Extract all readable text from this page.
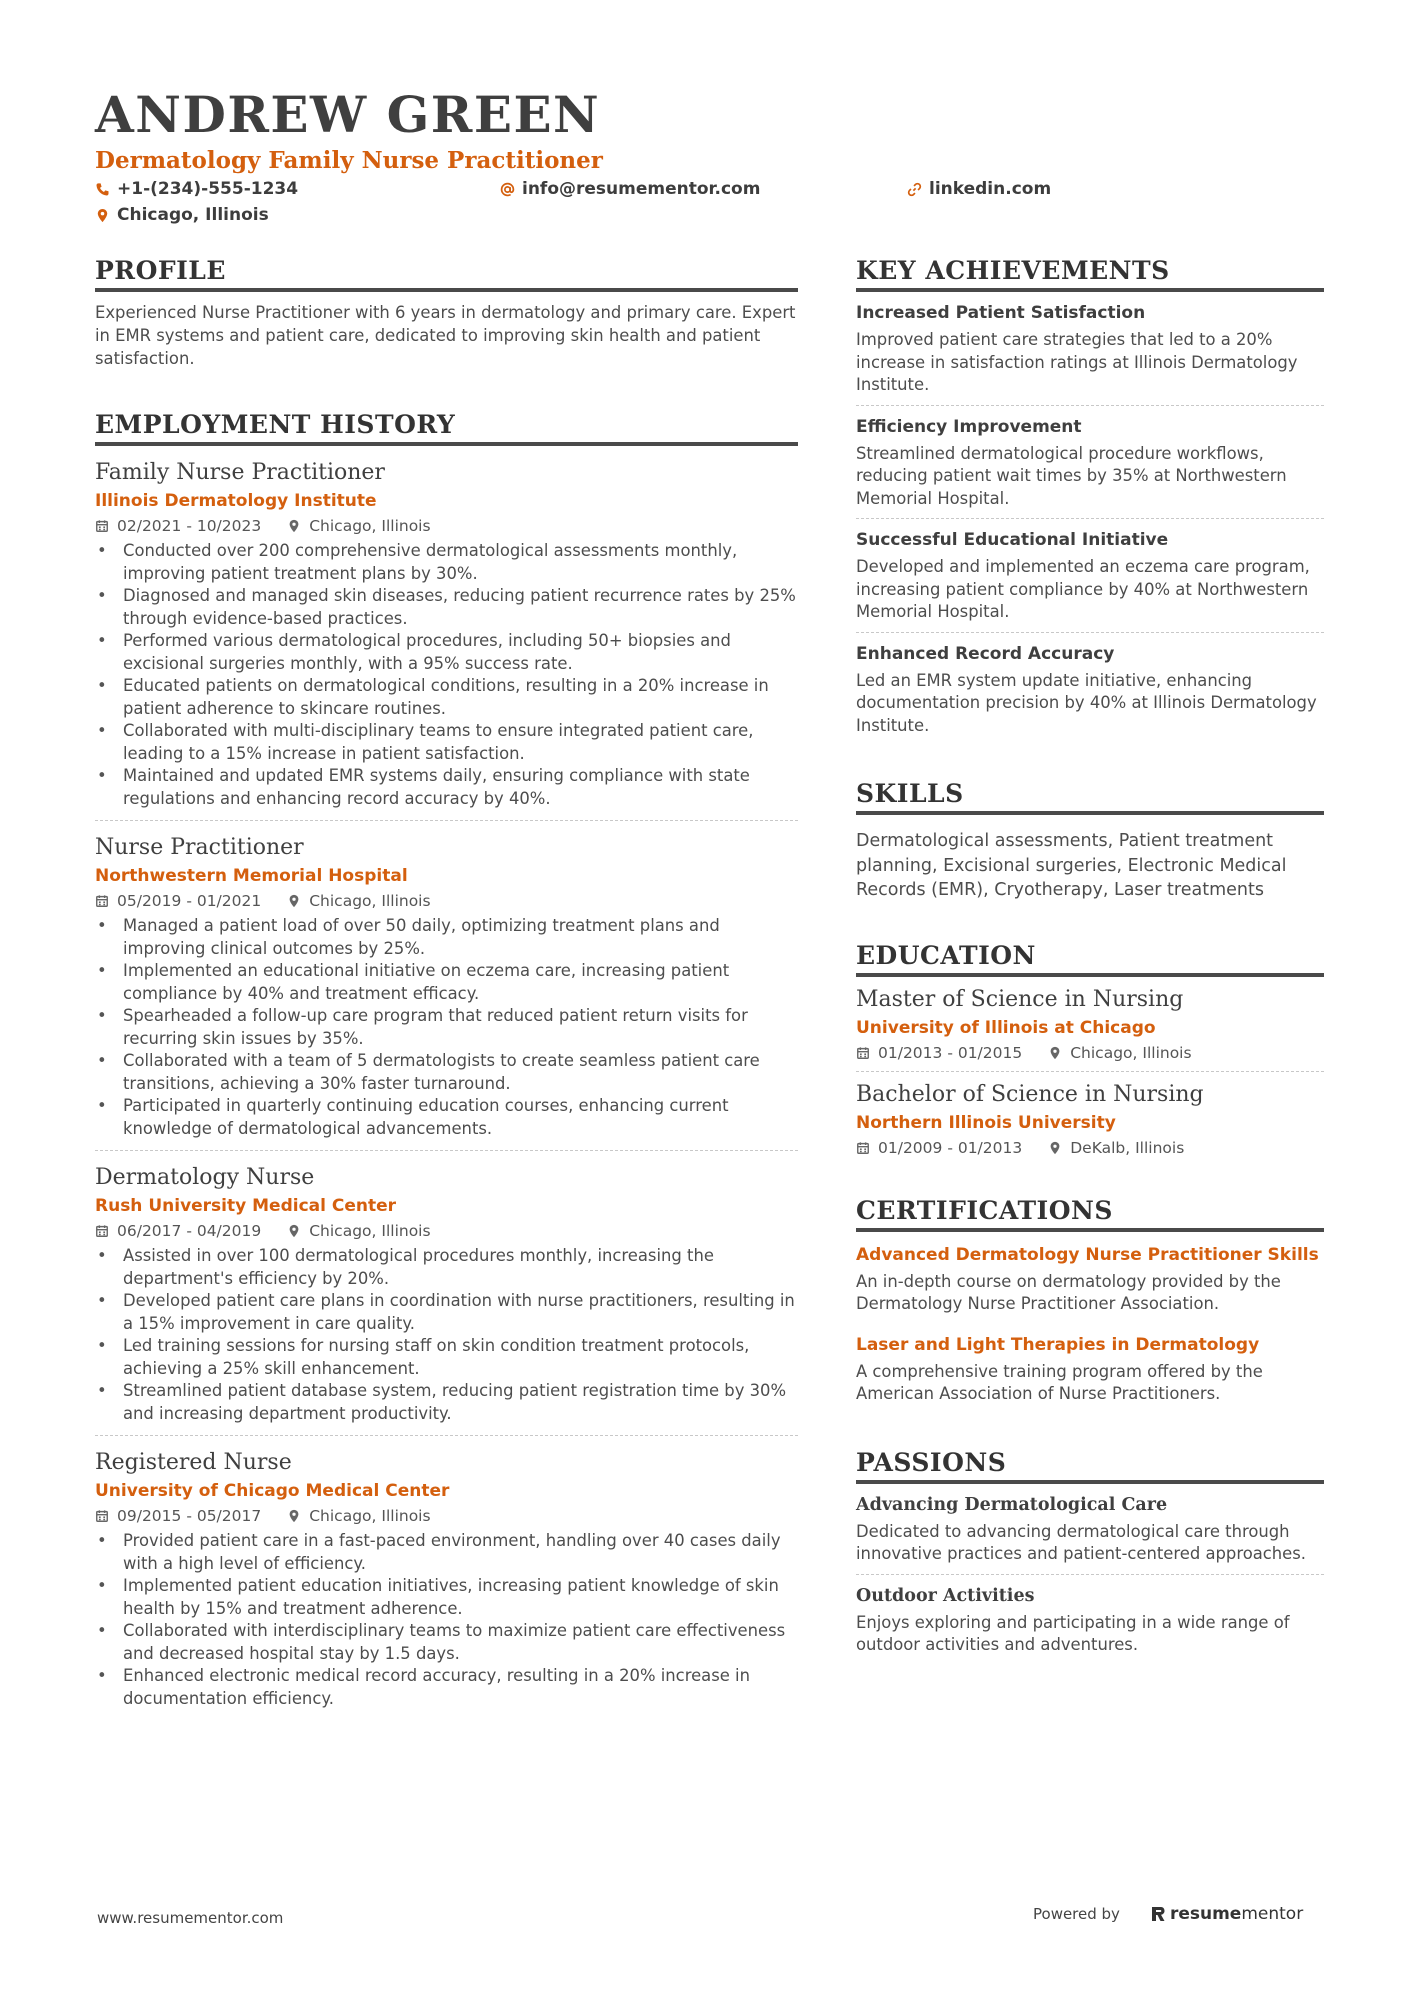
ANDREW GREEN
Dermatology Family Nurse Practitioner
+1-(234)-555-1234	info@resumementor.com	linkedin.com
Chicago, Illinois
PROFILE
Experienced Nurse Practitioner with 6 years in dermatology and primary care. Expert in EMR systems and patient care, dedicated to improving skin health and patient satisfaction.
EMPLOYMENT HISTORY
Family Nurse Practitioner
Illinois Dermatology Institute
02/2021 - 10/2023	Chicago, Illinois
• Conducted over 200 comprehensive dermatological assessments monthly, improving patient treatment plans by 30%.
• Diagnosed and managed skin diseases, reducing patient recurrence rates by 25% through evidence-based practices.
• Performed various dermatological procedures, including 50+ biopsies and excisional surgeries monthly, with a 95% success rate.
• Educated patients on dermatological conditions, resulting in a 20% increase in patient adherence to skincare routines.
• Collaborated with multi-disciplinary teams to ensure integrated patient care, leading to a 15% increase in patient satisfaction.
• Maintained and updated EMR systems daily, ensuring compliance with state regulations and enhancing record accuracy by 40%.
Nurse Practitioner
Northwestern Memorial Hospital
05/2019 - 01/2021	Chicago, Illinois
• Managed a patient load of over 50 daily, optimizing treatment plans and improving clinical outcomes by 25%.
• Implemented an educational initiative on eczema care, increasing patient compliance by 40% and treatment efficacy.
• Spearheaded a follow-up care program that reduced patient return visits for recurring skin issues by 35%.
• Collaborated with a team of 5 dermatologists to create seamless patient care transitions, achieving a 30% faster turnaround.
• Participated in quarterly continuing education courses, enhancing current knowledge of dermatological advancements.
Dermatology Nurse
Rush University Medical Center
06/2017 - 04/2019	Chicago, Illinois
• Assisted in over 100 dermatological procedures monthly, increasing the department's efficiency by 20%.
• Developed patient care plans in coordination with nurse practitioners, resulting in a 15% improvement in care quality.
• Led training sessions for nursing staff on skin condition treatment protocols, achieving a 25% skill enhancement.
• Streamlined patient database system, reducing patient registration time by 30% and increasing department productivity.
Registered Nurse
University of Chicago Medical Center
09/2015 - 05/2017	Chicago, Illinois
• Provided patient care in a fast-paced environment, handling over 40 cases daily with a high level of efficiency.
• Implemented patient education initiatives, increasing patient knowledge of skin health by 15% and treatment adherence.
• Collaborated with interdisciplinary teams to maximize patient care effectiveness and decreased hospital stay by 1.5 days.
• Enhanced electronic medical record accuracy, resulting in a 20% increase in documentation efficiency.
KEY ACHIEVEMENTS
Increased Patient Satisfaction
Improved patient care strategies that led to a 20% increase in satisfaction ratings at Illinois Dermatology Institute.
Efficiency Improvement
Streamlined dermatological procedure workflows, reducing patient wait times by 35% at Northwestern Memorial Hospital.
Successful Educational Initiative
Developed and implemented an eczema care program, increasing patient compliance by 40% at Northwestern Memorial Hospital.
Enhanced Record Accuracy
Led an EMR system update initiative, enhancing documentation precision by 40% at Illinois Dermatology Institute.
SKILLS
Dermatological assessments, Patient treatment planning, Excisional surgeries, Electronic Medical Records (EMR), Cryotherapy, Laser treatments
EDUCATION
Master of Science in Nursing
University of Illinois at Chicago
01/2013 - 01/2015	Chicago, Illinois
Bachelor of Science in Nursing
Northern Illinois University
01/2009 - 01/2013	DeKalb, Illinois
CERTIFICATIONS
Advanced Dermatology Nurse Practitioner Skills
An in-depth course on dermatology provided by the Dermatology Nurse Practitioner Association.
Laser and Light Therapies in Dermatology
A comprehensive training program offered by the American Association of Nurse Practitioners.
PASSIONS
Advancing Dermatological Care
Dedicated to advancing dermatological care through innovative practices and patient-centered approaches.
Outdoor Activities
Enjoys exploring and participating in a wide range of outdoor activities and adventures.
www.resumementor.com	Powered by	resume mentor
